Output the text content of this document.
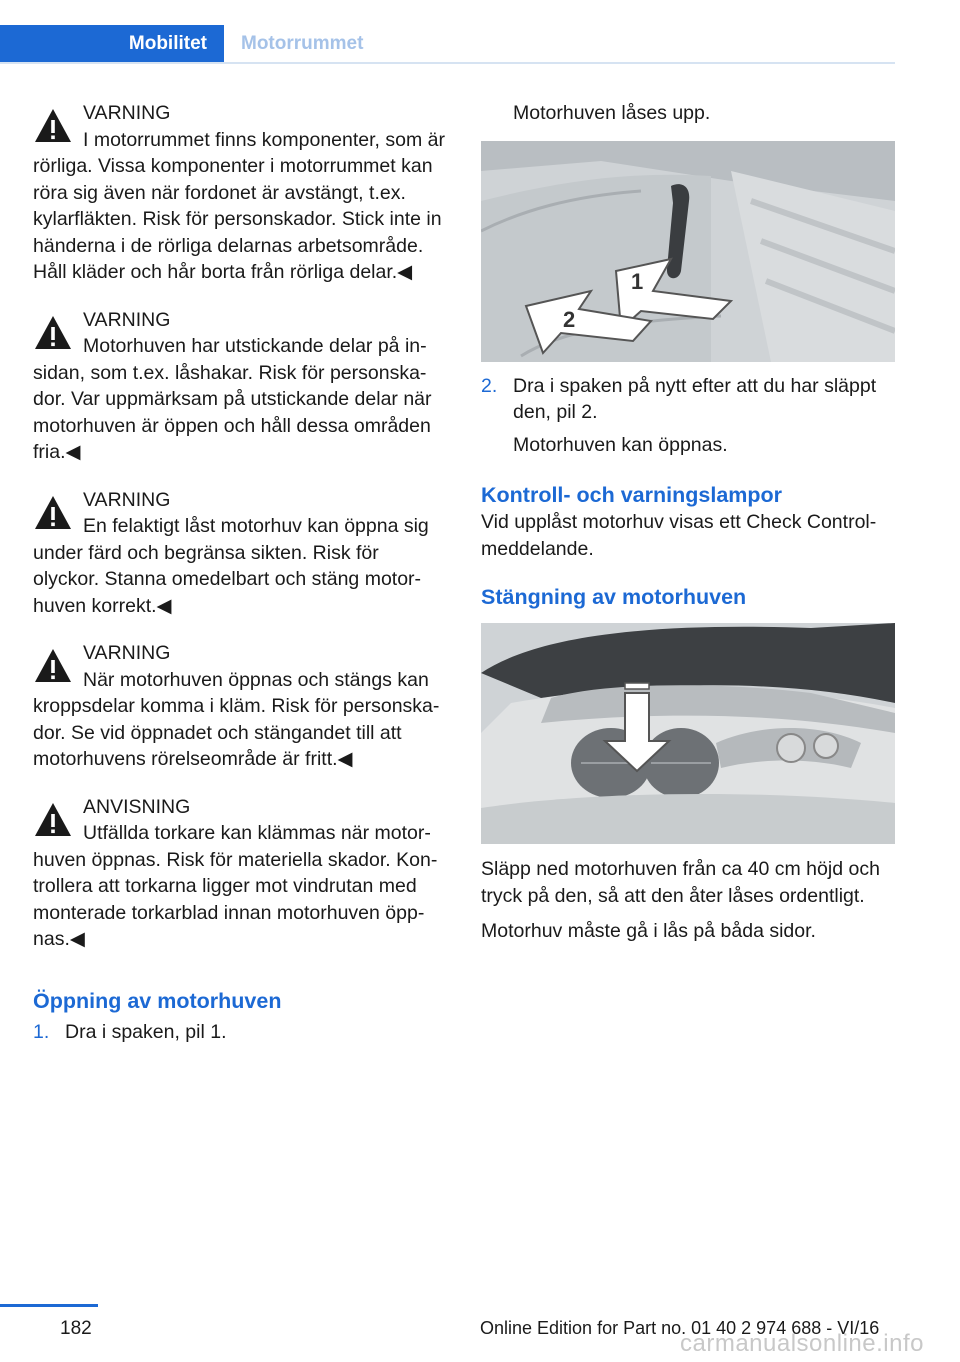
Mobilitet	Motorrummet
VARNING
I motorrummet finns komponenter, som är rörliga. Vissa komponenter i motorrummet kan röra sig även när fordonet är avstängt, t.ex. kylarfläkten. Risk för personskador. Stick inte in händerna i de rörliga delarnas arbetsområde. Håll kläder och hår borta från rörliga delar.◀
VARNING
Motorhuven har utstickande delar på insidan, som t.ex. låshakar. Risk för personskador. Var uppmärksam på utstickande delar när motorhuven är öppen och håll dessa områden fria.◀
VARNING
En felaktigt låst motorhuv kan öppna sig under färd och begränsa sikten. Risk för olyckor. Stanna omedelbart och stäng motorhuven korrekt.◀
VARNING
När motorhuven öppnas och stängs kan kroppsdelar komma i kläm. Risk för personskador. Se vid öppnadet och stängandet till att motorhuvens rörelseområde är fritt.◀
ANVISNING
Utfällda torkare kan klämmas när motorhuven öppnas. Risk för materiella skador. Kontrollera att torkarna ligger mot vindrutan med monterade torkarblad innan motorhuven öppnas.◀
Öppning av motorhuven
1. Dra i spaken, pil 1.
Motorhuven låses upp.
1
2
2. Dra i spaken på nytt efter att du har släppt den, pil 2.
Motorhuven kan öppnas.
Kontroll- och varningslampor
Vid upplåst motorhuv visas ett Check Control-meddelande.
Stängning av motorhuven
Släpp ned motorhuven från ca 40 cm höjd och tryck på den, så att den åter låses ordentligt.
Motorhuv måste gå i lås på båda sidor.
182	Online Edition for Part no. 01 40 2 974 688 - VI/16
carmanualsonline.info
